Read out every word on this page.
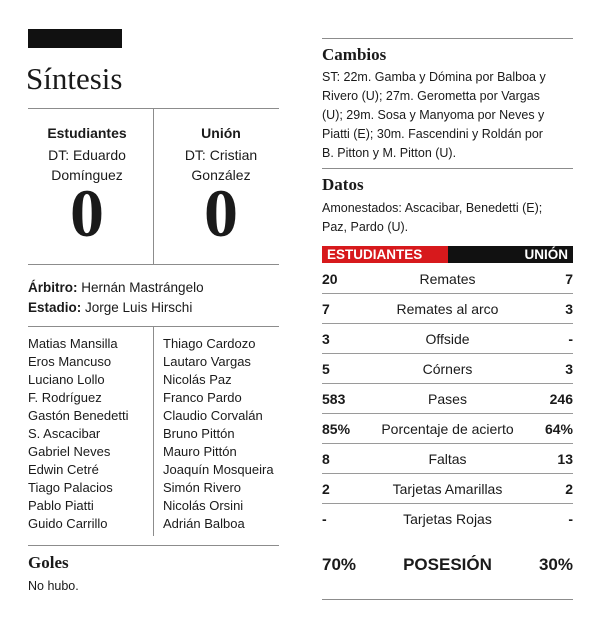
Síntesis
Estudiantes
DT: Eduardo
Domínguez
0
Unión
DT: Cristian
González
0
Árbitro: Hernán Mastrángelo
Estadio: Jorge Luis Hirschi
Matias Mansilla
Eros Mancuso
Luciano Lollo
F. Rodríguez
Gastón Benedetti
S. Ascacibar
Gabriel Neves
Edwin Cetré
Tiago Palacios
Pablo Piatti
Guido Carrillo
Thiago Cardozo
Lautaro Vargas
Nicolás Paz
Franco Pardo
Claudio Corvalán
Bruno Pittón
Mauro Pittón
Joaquín Mosqueira
Simón Rivero
Nicolás Orsini
Adrián Balboa
Goles
No hubo.
Cambios
ST: 22m. Gamba y Dómina por Balboa y
Rivero (U); 27m. Gerometta por Vargas
(U); 29m. Sosa y Manyoma por Neves y
Piatti (E); 30m. Fascendini y Roldán por
B. Pitton y M. Pitton (U).
Datos
Amonestados: Ascacibar, Benedetti (E);
Paz, Pardo (U).
ESTUDIANTES	UNIÓN
20	Remates	7
7	Remates al arco	3
3	Offside	-
5	Córners	3
583	Pases	246
85%	Porcentaje de acierto	64%
8	Faltas	13
2	Tarjetas Amarillas	2
-	Tarjetas Rojas	-
70%	POSESIÓN	30%
